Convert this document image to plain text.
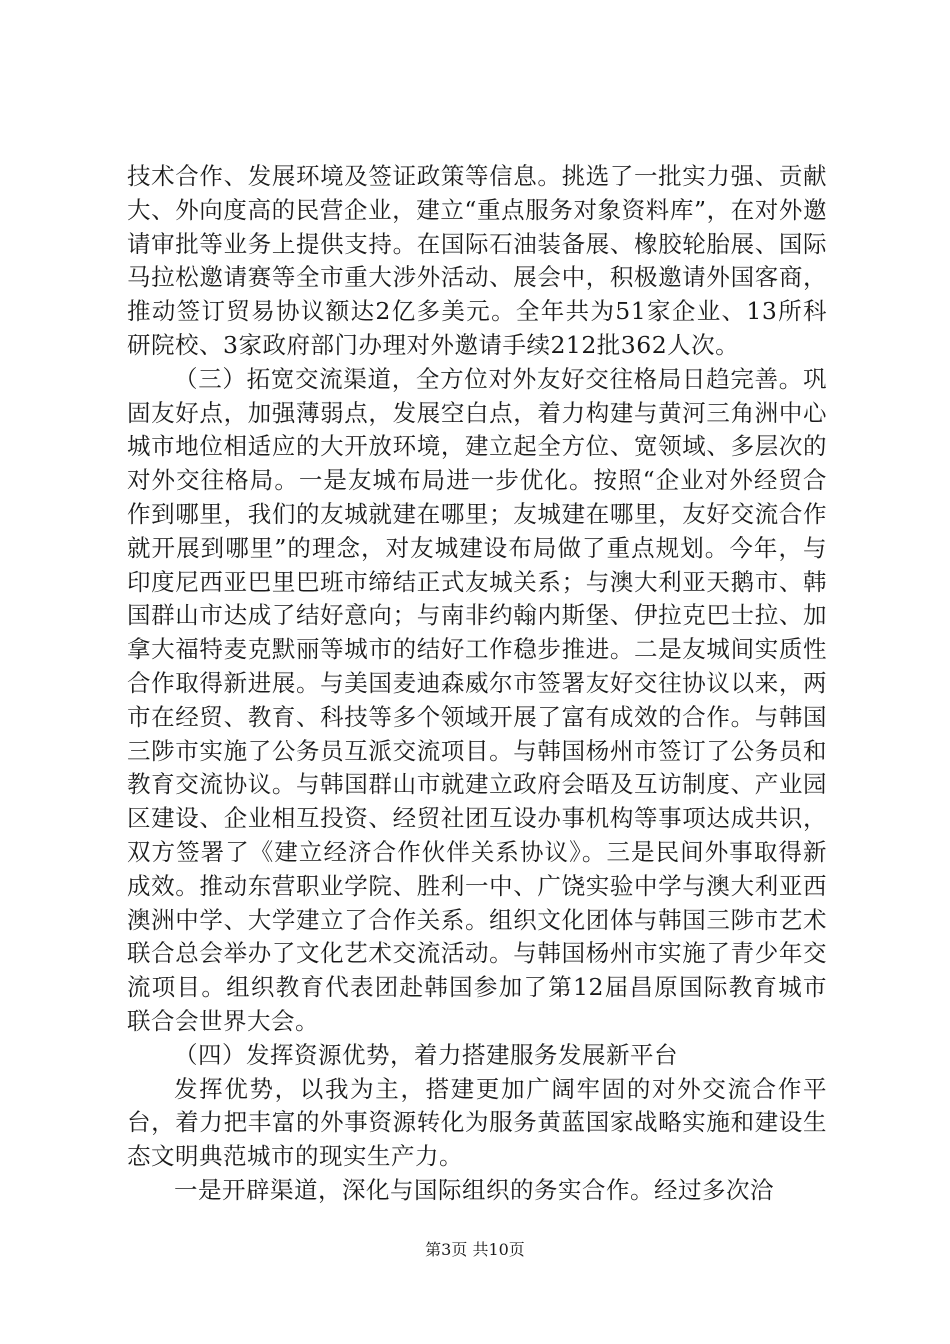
技术合作、发展环境及签证政策等信息。挑选了一批实力强、贡献大、外向度高的民营企业，建立“重点服务对象资料库”，在对外邀请审批等业务上提供支持。在国际石油装备展、橡胶轮胎展、国际马拉松邀请赛等全市重大涉外活动、展会中，积极邀请外国客商，推动签订贸易协议额达2亿多美元。全年共为51家企业、13所科研院校、3家政府部门办理对外邀请手续212批362人次。

（三）拓宽交流渠道，全方位对外友好交往格局日趋完善。巩固友好点，加强薄弱点，发展空白点，着力构建与黄河三角洲中心城市地位相适应的大开放环境，建立起全方位、宽领域、多层次的对外交往格局。一是友城布局进一步优化。按照“企业对外经贸合作到哪里，我们的友城就建在哪里；友城建在哪里，友好交流合作就开展到哪里”的理念，对友城建设布局做了重点规划。今年，与印度尼西亚巴里巴班市缔结正式友城关系；与澳大利亚天鹅市、韩国群山市达成了结好意向；与南非约翰内斯堡、伊拉克巴士拉、加拿大福特麦克默丽等城市的结好工作稳步推进。二是友城间实质性合作取得新进展。与美国麦迪森威尔市签署友好交往协议以来，两市在经贸、教育、科技等多个领域开展了富有成效的合作。与韩国三陟市实施了公务员互派交流项目。与韩国杨州市签订了公务员和教育交流协议。与韩国群山市就建立政府会晤及互访制度、产业园区建设、企业相互投资、经贸社团互设办事机构等事项达成共识，双方签署了《建立经济合作伙伴关系协议》。三是民间外事取得新成效。推动东营职业学院、胜利一中、广饶实验中学与澳大利亚西澳洲中学、大学建立了合作关系。组织文化团体与韩国三陟市艺术联合总会举办了文化艺术交流活动。与韩国杨州市实施了青少年交流项目。组织教育代表团赴韩国参加了第12届昌原国际教育城市联合会世界大会。

（四）发挥资源优势，着力搭建服务发展新平台

发挥优势，以我为主，搭建更加广阔牢固的对外交流合作平台，着力把丰富的外事资源转化为服务黄蓝国家战略实施和建设生态文明典范城市的现实生产力。

一是开辟渠道，深化与国际组织的务实合作。经过多次洽

第3页 共10页
